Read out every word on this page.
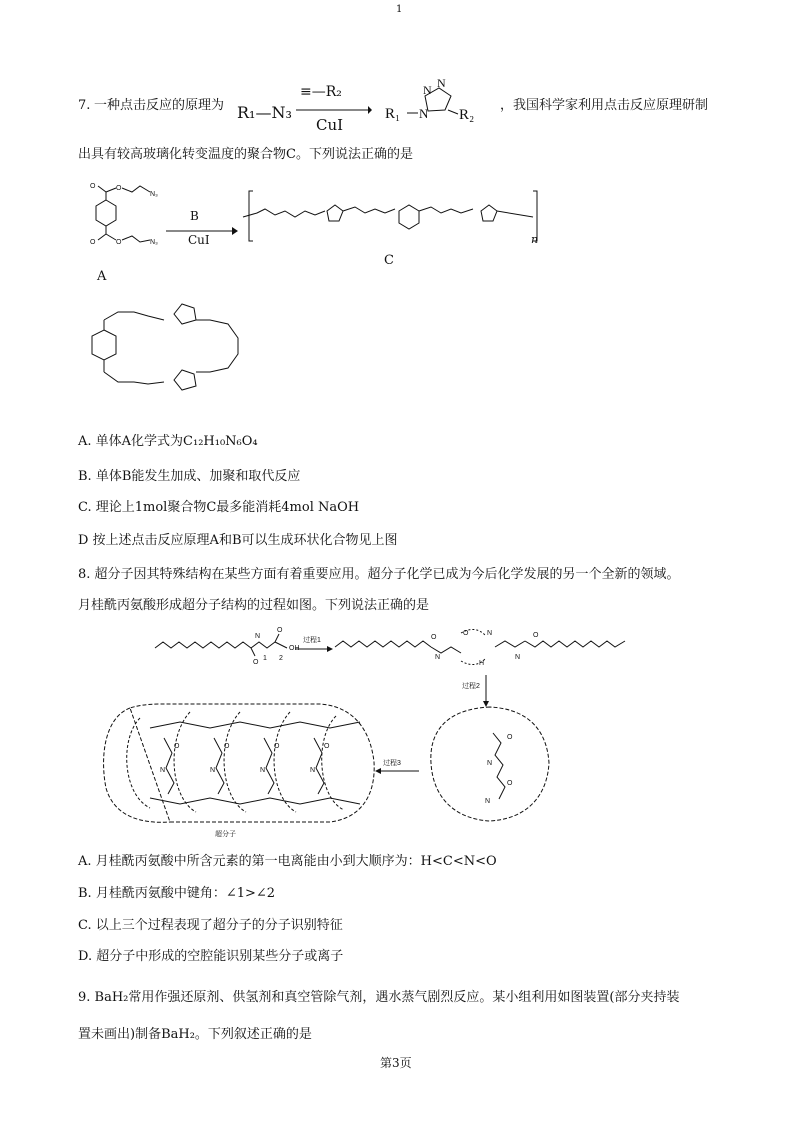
1
7. 一种点击反应的原理为 R₁—N₃
≡—R₂
CuI
R₁ N
N N
R₂
，我国科学家利用点击反应原理研制
出具有较高玻璃化转变温度的聚合物C。下列说法正确的是
O	O
N₃
O	O	N₃
A
B
CuI	n
C
A. 单体A化学式为C₁₂H₁₀N₆O₄
B. 单体B能发生加成、加聚和取代反应
C. 理论上1mol聚合物C最多能消耗4mol NaOH
D 按上述点击反应原理A和B可以生成环状化合物见上图
8. 超分子因其特殊结构在某些方面有着重要应用。超分子化学已成为今后化学发展的另一个全新的领域。
月桂酰丙氨酸形成超分子结构的过程如图。下列说法正确的是
O
N
1 2
O
OH
过程1	O
N
O	N
H
N
O
过程2
O
N
O
N
过程3
O	O	O	O
N	N	N	N
超分子
A. 月桂酰丙氨酸中所含元素的第一电离能由小到大顺序为：H<C<N<O
B. 月桂酰丙氨酸中键角：∠1>∠2
C. 以上三个过程表现了超分子的分子识别特征
D. 超分子中形成的空腔能识别某些分子或离子
9. BaH₂常用作强还原剂、供氢剂和真空管除气剂，遇水蒸气剧烈反应。某小组利用如图装置(部分夹持装
置未画出)制备BaH₂。下列叙述正确的是
第3页
